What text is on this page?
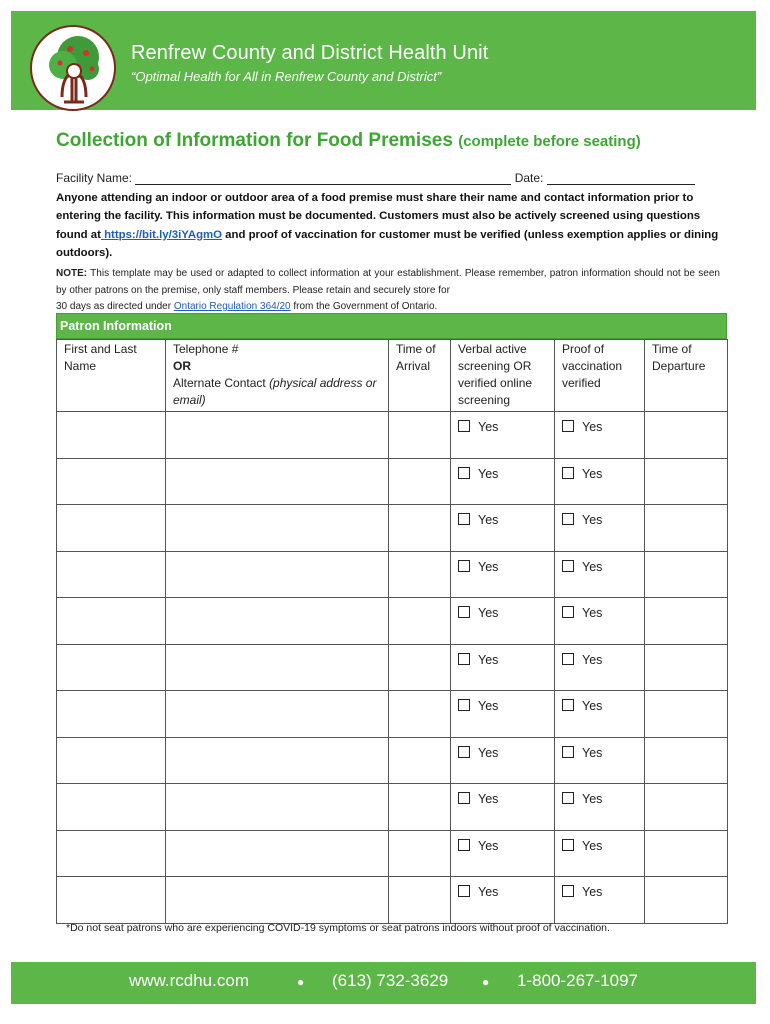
Renfrew County and District Health Unit
“Optimal Health for All in Renfrew County and District”
Collection of Information for Food Premises (complete before seating)
Facility Name:	Date:
Anyone attending an indoor or outdoor area of a food premise must share their name and contact information prior to entering the facility. This information must be documented. Customers must also be actively screened using questions found at https://bit.ly/3iYAgmO and proof of vaccination for customer must be verified (unless exemption applies or dining outdoors).
NOTE: This template may be used or adapted to collect information at your establishment. Please remember, patron information should not be seen by other patrons on the premise, only staff members. Please retain and securely store for
30 days as directed under Ontario Regulation 364/20 from the Government of Ontario.
Patron Information
First and Last Name	Telephone #
OR
Alternate Contact (physical address or email)	Time of Arrival	Verbal active screening OR verified online screening	Proof of vaccination verified	Time of Departure

			Yes	Yes	

			Yes	Yes	

			Yes	Yes	

			Yes	Yes	

			Yes	Yes	

			Yes	Yes	

			Yes	Yes	

			Yes	Yes	

			Yes	Yes	

			Yes	Yes	

			Yes	Yes	

*Do not seat patrons who are experiencing COVID-19 symptoms or seat patrons indoors without proof of vaccination.
www.rcdhu.com	● (613) 732-3629	● 1-800-267-1097
